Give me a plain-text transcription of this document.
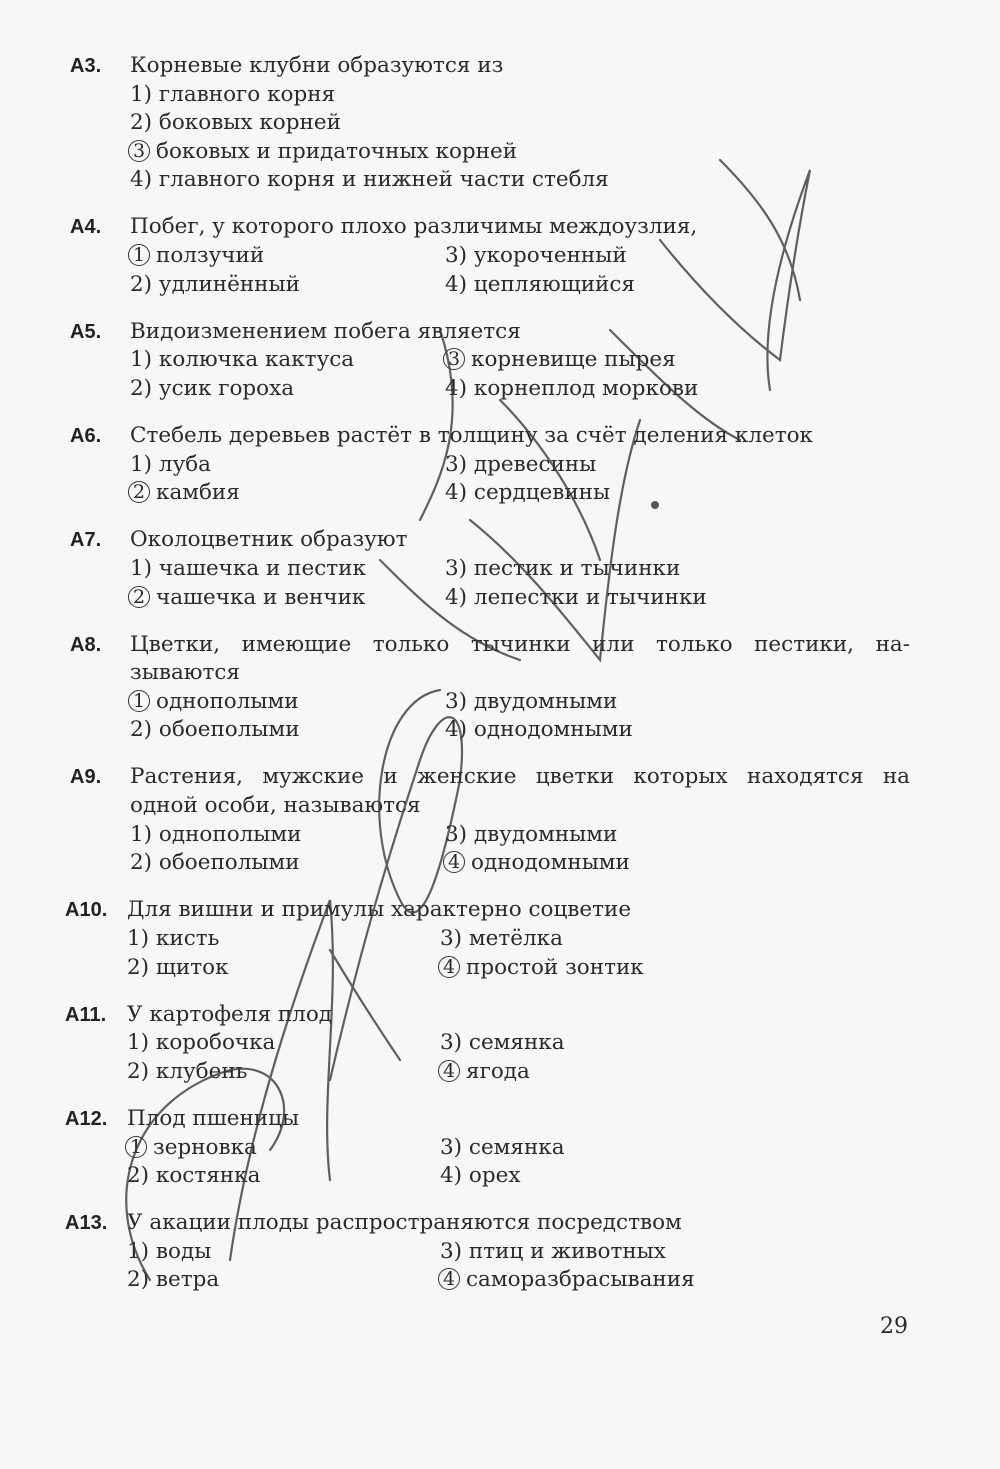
A3. Корневые клубни образуются из
1) главного корня
2) боковых корней
3 боковых и придаточных корней
4) главного корня и нижней части стебля
A4. Побег, у которого плохо различимы междоузлия,
1 ползучий	3) укороченный
2) удлинённый	4) цепляющийся
A5. Видоизменением побега является
1) колючка кактуса	3 корневище пырея
2) усик гороха	4) корнеплод моркови
A6. Стебель деревьев растёт в толщину за счёт деления клеток
1) луба	3) древесины
2 камбия	4) сердцевины
A7. Околоцветник образуют
1) чашечка и пестик	3) пестик и тычинки
2 чашечка и венчик	4) лепестки и тычинки
A8. Цветки, имеющие только тычинки или только пестики, на-
зываются
1 однополыми	3) двудомными
2) обоеполыми	4) однодомными
A9. Растения, мужские и женские цветки которых находятся на
одной особи, называются
1) однополыми	3) двудомными
2) обоеполыми	4 однодомными
A10. Для вишни и примулы характерно соцветие
1) кисть	3) метёлка
2) щиток	4 простой зонтик
A11. У картофеля плод
1) коробочка	3) семянка
2) клубень	4 ягода
A12. Плод пшеницы
1 зерновка	3) семянка
2) костянка	4) орех
A13. У акации плоды распространяются посредством
1) воды	3) птиц и животных
2) ветра	4 саморазбрасывания
29
